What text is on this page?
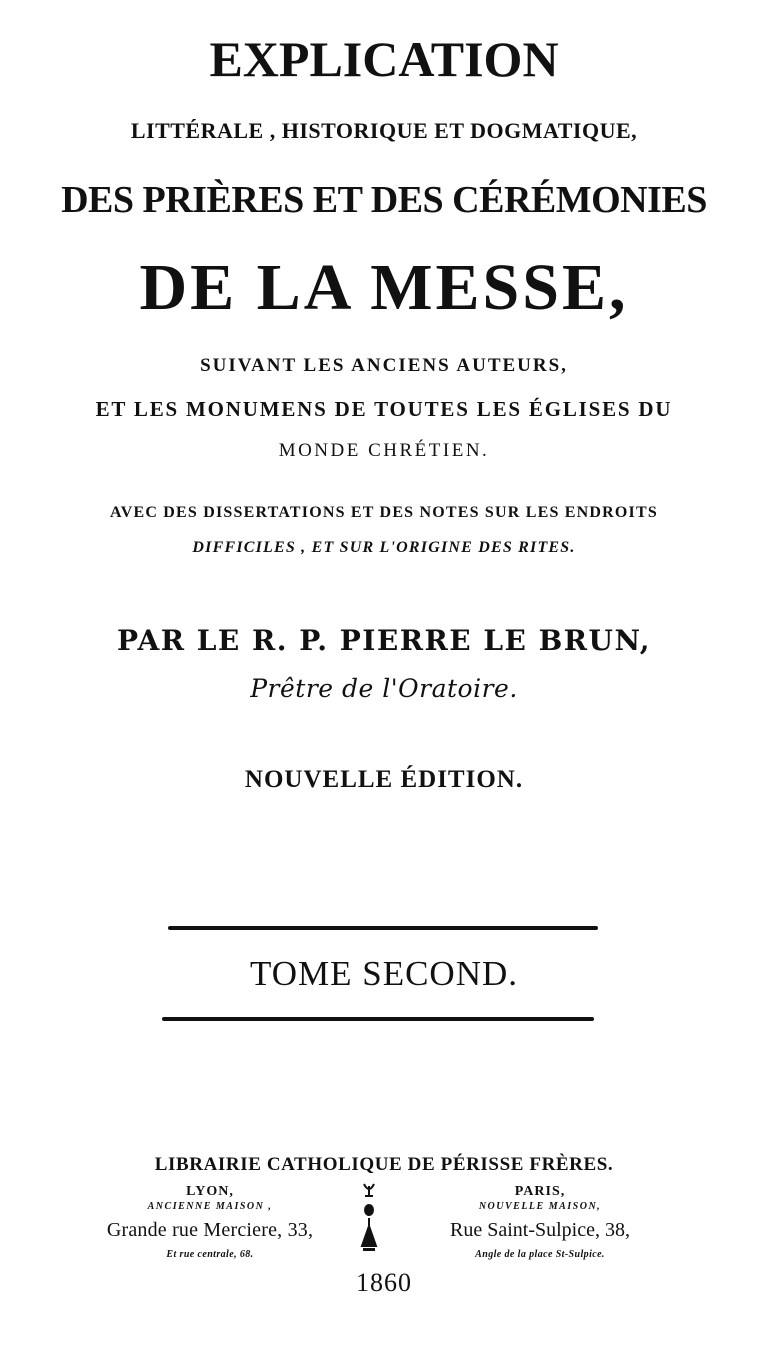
EXPLICATION
LITTÉRALE , HISTORIQUE ET DOGMATIQUE,
DES PRIÈRES ET DES CÉRÉMONIES
DE LA MESSE,
SUIVANT LES ANCIENS AUTEURS,
ET LES MONUMENS DE TOUTES LES ÉGLISES DU
MONDE CHRÉTIEN.
AVEC DES DISSERTATIONS ET DES NOTES SUR LES ENDROITS
DIFFICILES , ET SUR L'ORIGINE DES RITES.
PAR LE R. P. PIERRE LE BRUN,
Prêtre de l'Oratoire.
NOUVELLE ÉDITION.
TOME SECOND.
LIBRAIRIE CATHOLIQUE DE PÉRISSE FRÈRES.
LYON,
ANCIENNE MAISON ,
Grande rue Merciere, 33,
Et rue centrale, 68.
PARIS,
NOUVELLE MAISON,
Rue Saint-Sulpice, 38,
Angle de la place St-Sulpice.
1860
